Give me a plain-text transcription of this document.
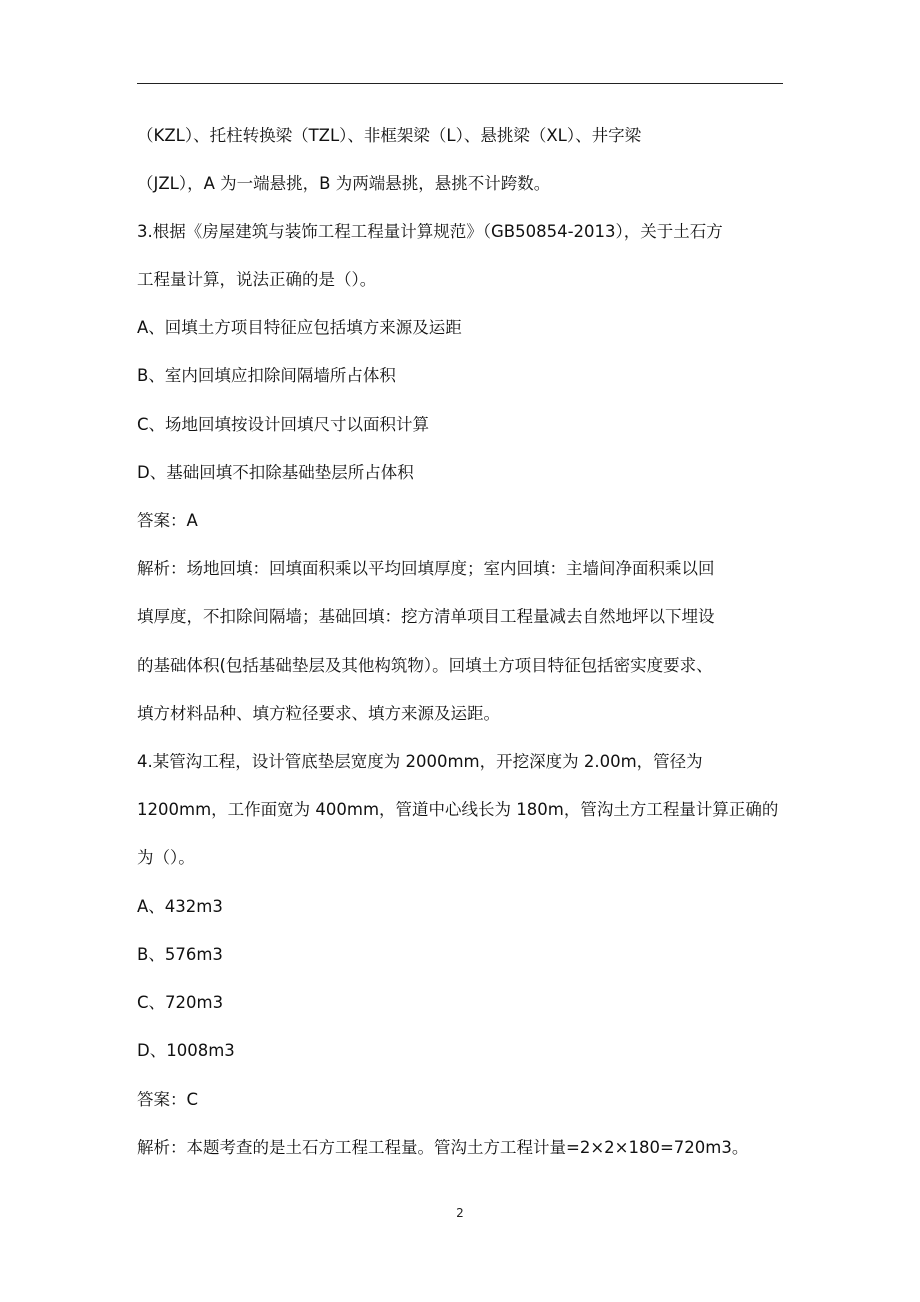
（KZL）、托柱转换梁（TZL）、非框架梁（L）、悬挑梁（XL）、井字梁
（JZL），A 为一端悬挑，B 为两端悬挑，悬挑不计跨数。
3.根据《房屋建筑与装饰工程工程量计算规范》（GB50854-2013），关于土石方
工程量计算，说法正确的是（）。
A、回填土方项目特征应包括填方来源及运距
B、室内回填应扣除间隔墙所占体积
C、场地回填按设计回填尺寸以面积计算
D、基础回填不扣除基础垫层所占体积
答案：A
解析：场地回填：回填面积乘以平均回填厚度；室内回填：主墙间净面积乘以回
填厚度，不扣除间隔墙；基础回填：挖方清单项目工程量减去自然地坪以下埋设
的基础体积(包括基础垫层及其他构筑物）。回填土方项目特征包括密实度要求、
填方材料品种、填方粒径要求、填方来源及运距。
4.某管沟工程，设计管底垫层宽度为 2000mm，开挖深度为 2.00m，管径为
1200mm，工作面宽为 400mm，管道中心线长为 180m，管沟土方工程量计算正确的
为（）。
A、432m3
B、576m3
C、720m3
D、1008m3
答案：C
解析：本题考查的是土石方工程工程量。管沟土方工程计量=2×2×180=720m3。
2
